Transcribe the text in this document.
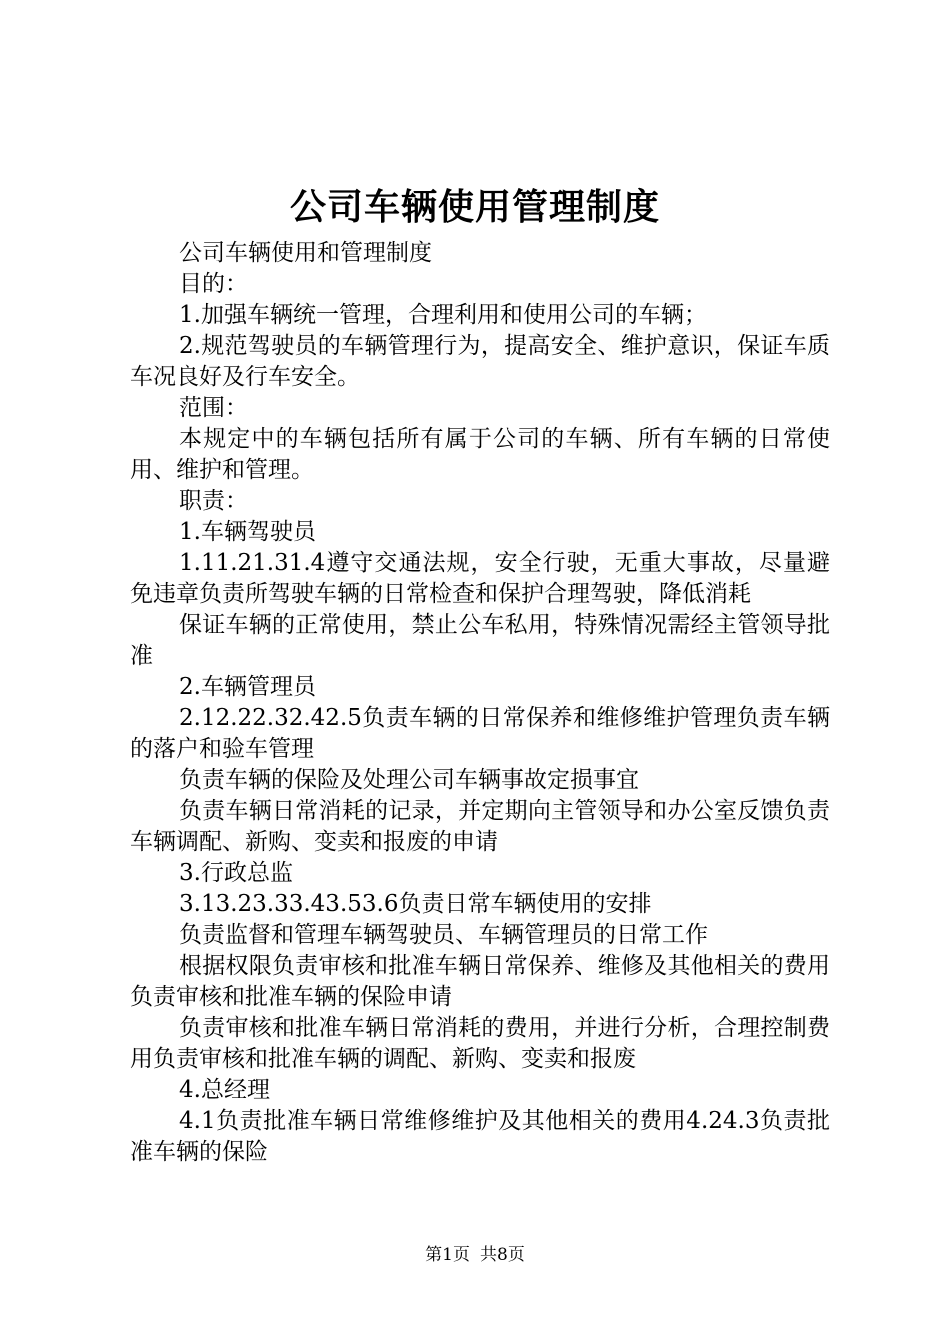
公司车辆使用管理制度

公司车辆使用和管理制度

目的：

1.加强车辆统一管理，合理利用和使用公司的车辆；

2.规范驾驶员的车辆管理行为，提高安全、维护意识，保证车质车况良好及行车安全。

范围：

本规定中的车辆包括所有属于公司的车辆、所有车辆的日常使用、维护和管理。

职责：

1.车辆驾驶员

1.11.21.31.4遵守交通法规，安全行驶，无重大事故，尽量避免违章负责所驾驶车辆的日常检查和保护合理驾驶，降低消耗

保证车辆的正常使用，禁止公车私用，特殊情况需经主管领导批准

2.车辆管理员

2.12.22.32.42.5负责车辆的日常保养和维修维护管理负责车辆的落户和验车管理

负责车辆的保险及处理公司车辆事故定损事宜

负责车辆日常消耗的记录，并定期向主管领导和办公室反馈负责车辆调配、新购、变卖和报废的申请

3.行政总监

3.13.23.33.43.53.6负责日常车辆使用的安排

负责监督和管理车辆驾驶员、车辆管理员的日常工作

根据权限负责审核和批准车辆日常保养、维修及其他相关的费用负责审核和批准车辆的保险申请

负责审核和批准车辆日常消耗的费用，并进行分析，合理控制费用负责审核和批准车辆的调配、新购、变卖和报废

4.总经理

4.1负责批准车辆日常维修维护及其他相关的费用4.24.3负责批准车辆的保险

第1页 共8页
